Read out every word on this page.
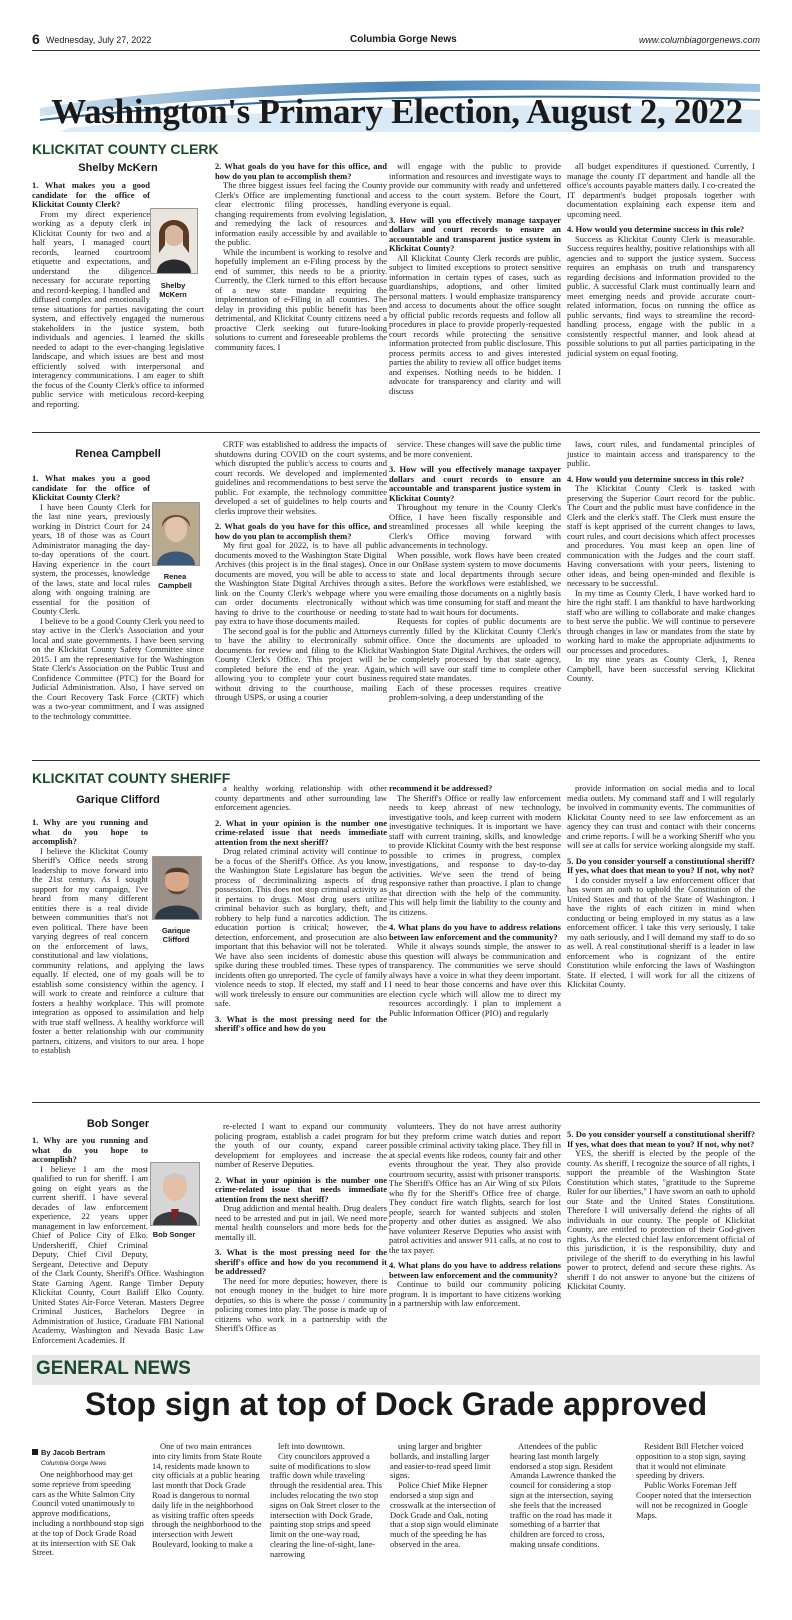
6 Wednesday, July 27, 2022	Columbia Gorge News	www.columbiagorgenews.com
Washington's Primary Election, August 2, 2022
KLICKITAT COUNTY CLERK
Shelby McKern

1. What makes you a good candidate for the office of Klickitat County Clerk?

From my direct experience working as a deputy clerk in Klickitat County for two and a half years, I managed court records, learned courtroom etiquette and expectations, and understand the diligence necessary for accurate reporting and record-keeping. I handled and diffused complex and emotionally tense situations for parties navigating the court system, and effectively engaged the numerous stakeholders in the justice system, both individuals and agencies. I learned the skills needed to adapt to the ever-changing legislative landscape, and which issues are best and most efficiently solved with interpersonal and interagency communications. I am eager to shift the focus of the County Clerk's office to informed public service with meticulous record-keeping and reporting.

Shelby McKern

2. What goals do you have for this office, and how do you plan to accomplish them?

The three biggest issues feel facing the County Clerk's Office are implementing functional and clear electronic filing processes, handling changing requirements from evolving legislation, and remedying the lack of resources and information easily accessible by and available to the public.

While the incumbent is working to resolve and hopefully implement an e-Filing process by the end of summer, this needs to be a priority. Currently, the Clerk turned to this effort because of a new state mandate requiring the implementation of e-Filing in all counties. The delay in providing this public benefit has been detrimental, and Klickitat County citizens need a proactive Clerk seeking out future-looking solutions to current and foreseeable problems the community faces. I

will engage with the public to provide information and resources and investigate ways to provide our community with ready and unfettered access to the court system. Before the Court, everyone is equal.

3. How will you effectively manage taxpayer dollars and court records to ensure an accountable and transparent justice system in Klickitat County?

All Klickitat County Clerk records are public, subject to limited exceptions to protect sensitive information in certain types of cases, such as guardianships, adoptions, and other limited personal matters. I would emphasize transparency and access to documents about the office sought by official public records requests and follow all procedures in place to provide properly-requested court records while protecting the sensitive information protected from public disclosure. This process permits access to and gives interested parties the ability to review all office budget items and expenses. Nothing needs to be hidden. I advocate for transparency and clarity and will discuss

all budget expenditures if questioned. Currently, I manage the county IT department and handle all the office's accounts payable matters daily. I co-created the IT department's budget proposals together with documentation explaining each expense item and upcoming need.

4. How would you determine success in this role?

Success as Klickitat County Clerk is measurable. Success requires healthy, positive relationships with all agencies and to support the justice system. Success requires an emphasis on truth and transparency regarding decisions and information provided to the public. A successful Clark must continually learn and meet emerging needs and provide accurate court-related information, focus on running the office as public servants, find ways to streamline the record-handling process, engage with the public in a consistently respectful manner, and look ahead at possible solutions to put all parties participating in the judicial system on equal footing.

Renea Campbell

1. What makes you a good candidate for the office of Klickitat County Clerk?

I have been County Clerk for the last nine years, previously working in District Court for 24 years, 18 of those was as Court Administrator managing the day-to-day operations of the court. Having experience in the court system, the processes, knowledge of the laws, state and local rules along with ongoing training are essential for the position of County Clerk.

I believe to be a good County Clerk you need to stay active in the Clerk's Association and your local and state governments. I have been serving on the Klickitat County Safety Committee since 2015. I am the representative for the Washington State Clerk's Association on the Public Trust and Confidence Committee (PTC) for the Board for Judicial Administration. Also, I have served on the Court Recovery Task Force (CRTF) which was a two-year commitment, and I was assigned to the technology committee.

Renea Campbell

CRTF was established to address the impacts of shutdowns during COVID on the court systems, which disrupted the public's access to courts and court records. We developed and implemented guidelines and recommendations to best serve the public. For example, the technology committee developed a set of guidelines to help courts and clerks improve their websites.

2. What goals do you have for this office, and how do you plan to accomplish them?

My first goal for 2022, is to have all public documents moved to the Washington State Digital Archives (this project is in the final stages). Once documents are moved, you will be able to access the Washington State Digital Archives through a link on the County Clerk's webpage where you can order documents electronically without having to drive to the courthouse or needing to pay extra to have those documents mailed.

The second goal is for the public and Attorneys to have the ability to electronically submit documents for review and filing to the Klickitat County Clerk's Office. This project will be completed before the end of the year. Again, allowing you to complete your court business without driving to the courthouse, mailing through USPS, or using a courier

service. These changes will save the public time and be more convenient.

3. How will you effectively manage taxpayer dollars and court records to ensure an accountable and transparent justice system in Klickitat County?

Throughout my tenure in the County Clerk's Office, I have been fiscally responsible and streamlined processes all while keeping the Clerk's Office moving forward with advancements in technology.

When possible, work flows have been created in our OnBase system system to move documents to state and local departments through secure sites. Before the workflows were established, we were emailing those documents on a nightly basis which was time consuming for staff and meant the state had to wait hours for documents.

Requests for copies of public documents are currently filled by the Klickitat County Clerk's office. Once the documents are uploaded to Washington State Digital Archives, the orders will be completely processed by that state agency, which will save our staff time to complete other required state mandates.

Each of these processes requires creative problem-solving, a deep understanding of the

laws, court rules, and fundamental principles of justice to maintain access and transparency to the public.

4. How would you determine success in this role?

The Klickitat County Clerk is tasked with preserving the Superior Court record for the public. The Court and the public must have confidence in the Clerk and the clerk's staff. The Clerk must ensure the staff is kept apprised of the current changes to laws, court rules, and court decisions which affect processes and procedures. You must keep an open line of communication with the Judges and the court staff. Having conversations with your peers, listening to other ideas, and being open-minded and flexible is necessary to be successful.

In my time as County Clerk, I have worked hard to hire the right staff. I am thankful to have hardworking staff who are willing to collaborate and make changes to best serve the public. We will continue to persevere through changes in law or mandates from the state by working hard to make the appropriate adjustments to our processes and procedures.

In my nine years as County Clerk, I, Renea Campbell, have been successful serving Klickitat County.

KLICKITAT COUNTY SHERIFF
Garique Clifford

1. Why are you running and what do you hope to accomplish?

I believe the Klickitat County Sheriff's Office needs strong leadership to move forward into the 21st century. As I sought support for my campaign, I've heard from many different entities there is a real divide between communities that's not even political. There have been varying degrees of real concern on the enforcement of laws, constitutional and law violations, community relations, and applying the laws equally. If elected, one of my goals will be to establish some consistency within the agency. I will work to create and reinforce a culture that fosters a healthy workplace. This will promote integration as opposed to assimilation and help with true staff wellness. A healthy workforce will foster a better relationship with our community partners, citizens, and visitors to our area. I hope to establish

Garique Clifford

a healthy working relationship with other county departments and other surrounding law enforcement agencies.

2. What in your opinion is the number one crime-related issue that needs immediate attention from the next sheriff?

Drug related criminal activity will continue to be a focus of the Sheriff's Office. As you know, the Washington State Legislature has begun the process of decriminalizing aspects of drug possession. This does not stop criminal activity as it pertains to drugs. Most drug users utilize criminal behavior such as burglary, theft, and robbery to help fund a narcotics addiction. The education portion is critical; however, the detection, enforcement, and prosecution are also important that this behavior will not be tolerated. We have also seen incidents of domestic abuse spike during these troubled times. These types of incidents often go unreported. The cycle of family violence needs to stop. If elected, my staff and I will work tirelessly to ensure our communities are safe.

3. What is the most pressing need for the sheriff's office and how do you

recommend it be addressed?

The Sheriff's Office or really law enforcement needs to keep abreast of new technology, investigative tools, and keep current with modern investigative techniques. It is important we have staff with current training, skills, and knowledge to provide Klickitat County with the best response possible to crimes in progress, complex investigations, and response to day-to-day activities. We've seen the trend of being responsive rather than proactive. I plan to change that direction with the help of the community. This will help limit the liability to the county and its citizens.

4. What plans do you have to address relations between law enforcement and the community?

While it always sounds simple, the answer to this question will always be communication and transparency. The communities we serve should always have a voice in what they deem important. I need to hear those concerns and have over this election cycle which will allow me to direct my resources accordingly. I plan to implement a Public Information Officer (PIO) and regularly

provide information on social media and to local media outlets. My command staff and I will regularly be involved in community events. The communities of Klickitat County need to see law enforcement as an agency they can trust and contact with their concerns and crime reports. I will be a working Sheriff who you will see at calls for service working alongside my staff.

5. Do you consider yourself a constitutional sheriff? If yes, what does that mean to you? If not, why not?

I do consider myself a law enforcement officer that has sworn an oath to uphold the Constitution of the United States and that of the State of Washington. I have the rights of each citizen in mind when conducting or being employed in my status as a law enforcement officer. I take this very seriously, I take my oath seriously, and I will demand my staff to do so as well. A real constitutional sheriff is a leader in law enforcement who is cognizant of the entire Constitution while enforcing the laws of Washington State. If elected, I will work for all the citizens of Klickitat County.

Bob Songer

1. Why are you running and what do you hope to accomplish?

I believe I am the most qualified to run for sheriff. I am going on eight years as the current sheriff. I have several decades of law enforcement experience, 22 years upper management in law enforcement. Chief of Police City of Elko. Undersheriff, Chief Criminal Deputy, Chief Civil Deputy, Sergeant, Detective and Deputy of the Clark County, Sheriff's Office. Washington State Gaming Agent. Range Timber Deputy Klickitat County, Court Bailiff Elko County. United States Air-Force Veteran. Masters Degree Criminal Justices, Bachelors Degree in Administration of Justice, Graduate FBI National Academy, Washington and Nevada Basic Law Enforcement Academies. If

Bob Songer

re-elected I want to expand our community policing program, establish a cadet program for the youth of our county, expand career development for employees and increase the number of Reserve Deputies.

2. What in your opinion is the number one crime-related issue that needs immediate attention from the next sheriff?

Drug addiction and mental health. Drug dealers need to be arrested and put in jail. We need more mental health counselors and more beds for the mentally ill.

3. What is the most pressing need for the sheriff's office and how do you recommend it be addressed?

The need for more deputies; however, there is not enough money in the budget to hire more deputies, so this is where the posse / community policing comes into play. The posse is made up of citizens who work in a partnership with the Sheriff's Office as

volunteers. They do not have arrest authority but they preform crime watch duties and report possible criminal activity taking place. They fill in at special events like rodeos, county fair and other events throughout the year. They also provide courtroom security, assist with prisoner transports. The Sheriff's Office has an Air Wing of six Pilots who fly for the Sheriff's Office free of charge. They conduct fire watch flights, search for lost people, search for wanted subjects and stolen property and other duties as assigned. We also have volunteer Reserve Deputies who assist with patrol activities and answer 911 calls, at no cost to the tax payer.

4. What plans do you have to address relations between law enforcement and the community?

Continue to build our community policing program. It is important to have citizens working in a partnership with law enforcement.

5. Do you consider yourself a constitutional sheriff? If yes, what does that mean to you? If not, why not?

YES, the sheriff is elected by the people of the county. As sheriff, I recognize the source of all rights, I support the preamble of the Washington State Constitution which states, "gratitude to the Supreme Ruler for our liberties," I have sworn an oath to uphold our State and the United States Constitutions. Therefore I will universally defend the rights of all individuals in our county. The people of Klickitat County, are entitled to protection of their God-given rights. As the elected chief law enforcement official of this jurisdiction, it is the responsibility, duty and privilege of the sheriff to do everything in his lawful power to protect, defend and secure these rights. As sheriff I do not answer to anyone but the citizens of Klickitat County.

GENERAL NEWS
Stop sign at top of Dock Grade approved
By Jacob Bertram
Columbia Gorge News

One neighborhood may get some reprieve from speeding cars as the White Salmon City Council voted unanimously to approve modifications, including a northbound stop sign at the top of Dock Grade Road at its intersection with SE Oak Street.

One of two main entrances into city limits from State Route 14, residents made known to city officials at a public hearing last month that Dock Grade Road is dangerous to normal daily life in the neighborhood as visiting traffic often speeds through the neighborhood to the intersection with Jewett Boulevard, looking to make a

left into downtown.

City councilors approved a suite of modifications to slow traffic down while traveling through the residential area. This includes relocating the two stop signs on Oak Street closer to the intersection with Dock Grade, painting stop strips and speed limit on the one-way road, clearing the line-of-sight, lane-narrowing

using larger and brighter bollards, and installing larger and easier-to-read speed limit signs.

Police Chief Mike Hepner endorsed a stop sign and crosswalk at the intersection of Dock Grade and Oak, noting that a stop sign would eliminate much of the speeding he has observed in the area.

Attendees of the public hearing last month largely endorsed a stop sign. Resident Amanda Lawrence thanked the council for considering a stop sign at the intersection, saying she feels that the increased traffic on the road has made it something of a barrier that children are forced to cross, making unsafe conditions.

Resident Bill Fletcher voiced opposition to a stop sign, saying that it would not eliminate speeding by drivers.

Public Works Foreman Jeff Cooper noted that the intersection will not be recognized in Google Maps.
